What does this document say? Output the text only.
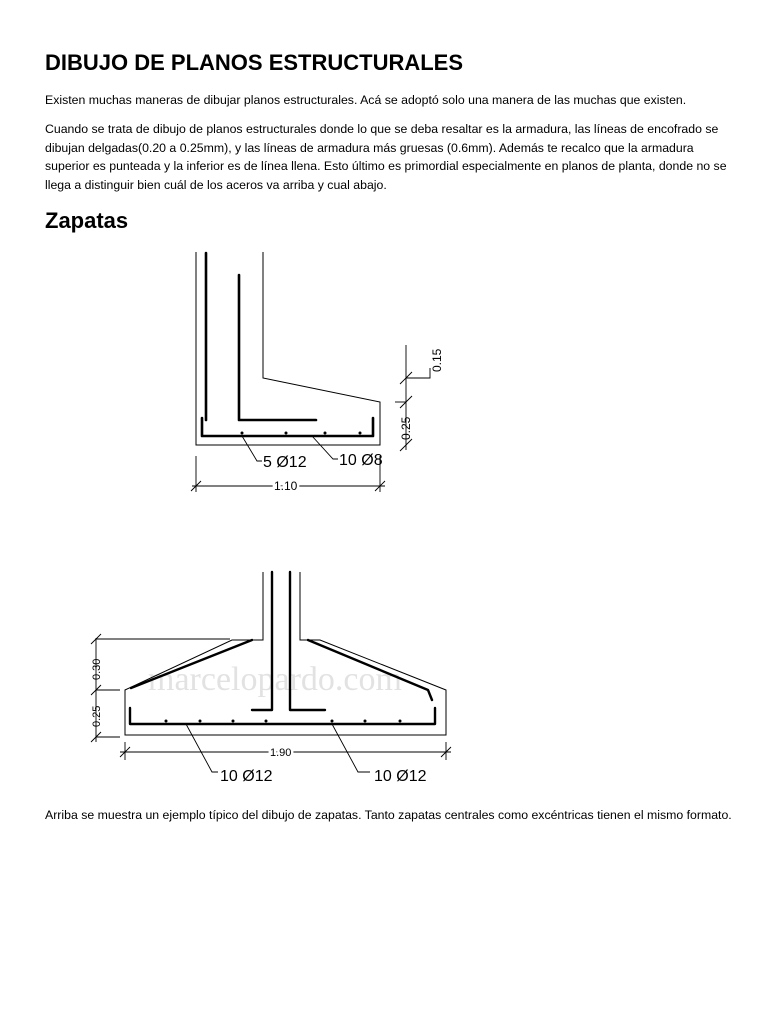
DIBUJO DE PLANOS ESTRUCTURALES

Existen muchas maneras de dibujar planos estructurales. Acá se adoptó solo una manera de las muchas que existen.

Cuando se trata de dibujo de planos estructurales donde lo que se deba resaltar es la armadura, las líneas de encofrado se dibujan delgadas(0.20 a 0.25mm), y las líneas de armadura más gruesas (0.6mm). Además te recalco que la armadura superior es punteada y la inferior es de línea llena. Esto último es primordial especialmente en planos de planta, donde no se llega a distinguir bien cuál de los aceros va arriba y cual abajo.

Zapatas
0.15
0.25
1.10
5 Ø12 10 Ø8
marcelopardo.com
0.30
0.25
1.90
10 Ø12	10 Ø12

Arriba se muestra un ejemplo típico del dibujo de zapatas. Tanto zapatas centrales como excéntricas tienen el mismo formato.
